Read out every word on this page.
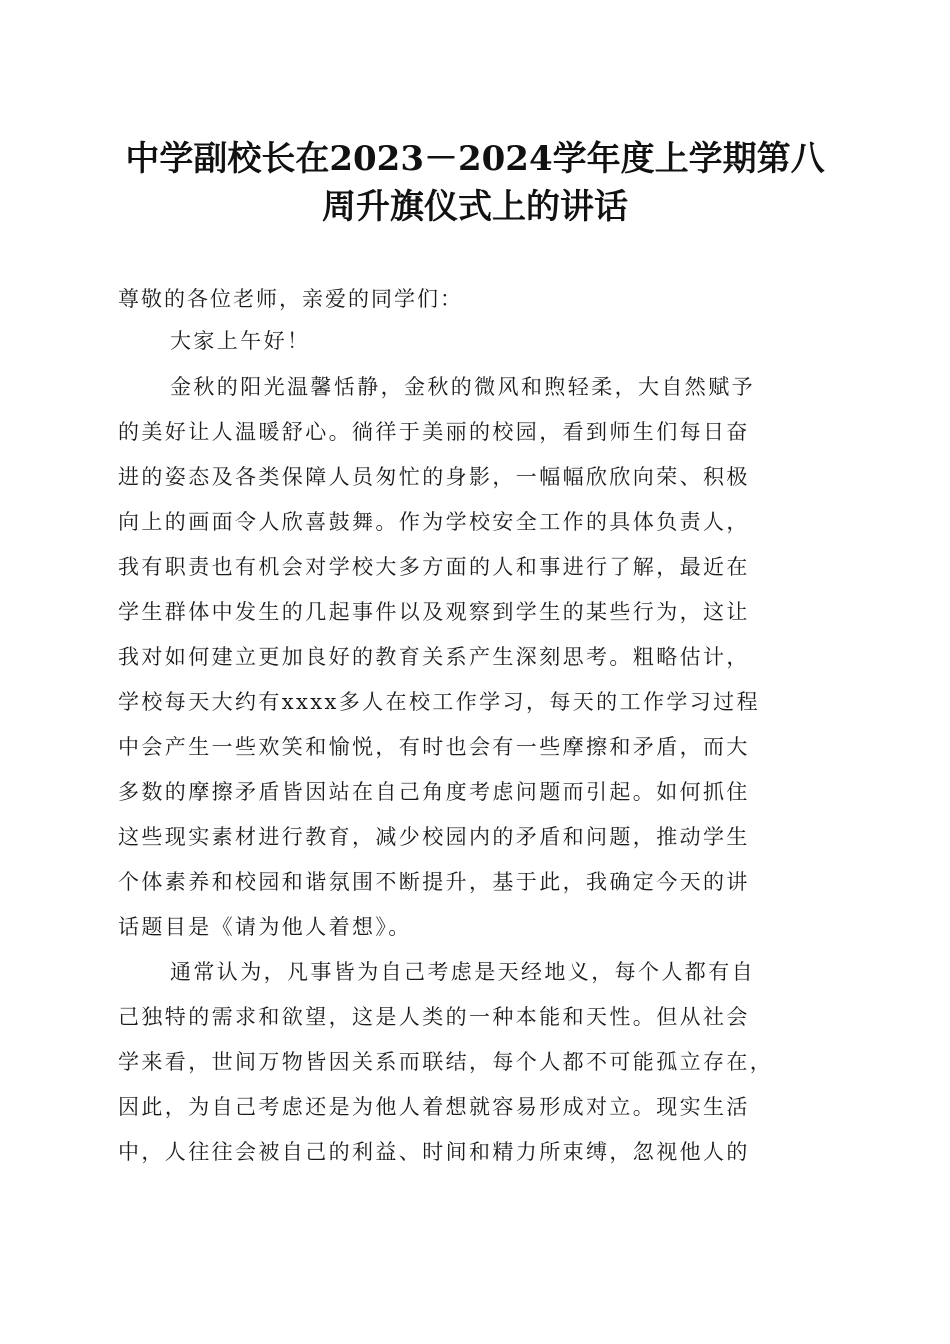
中学副校长在2023－2024学年度上学期第八
周升旗仪式上的讲话
尊敬的各位老师，亲爱的同学们：
大家上午好！
金秋的阳光温馨恬静，金秋的微风和煦轻柔，大自然赋予
的美好让人温暖舒心。徜徉于美丽的校园，看到师生们每日奋
进的姿态及各类保障人员匆忙的身影，一幅幅欣欣向荣、积极
向上的画面令人欣喜鼓舞。作为学校安全工作的具体负责人，
我有职责也有机会对学校大多方面的人和事进行了解，最近在
学生群体中发生的几起事件以及观察到学生的某些行为，这让
我对如何建立更加良好的教育关系产生深刻思考。粗略估计，
学校每天大约有xxxx多人在校工作学习，每天的工作学习过程
中会产生一些欢笑和愉悦，有时也会有一些摩擦和矛盾，而大
多数的摩擦矛盾皆因站在自己角度考虑问题而引起。如何抓住
这些现实素材进行教育，减少校园内的矛盾和问题，推动学生
个体素养和校园和谐氛围不断提升，基于此，我确定今天的讲
话题目是《请为他人着想》。
通常认为，凡事皆为自己考虑是天经地义，每个人都有自
己独特的需求和欲望，这是人类的一种本能和天性。但从社会
学来看，世间万物皆因关系而联结，每个人都不可能孤立存在，
因此，为自己考虑还是为他人着想就容易形成对立。现实生活
中，人往往会被自己的利益、时间和精力所束缚，忽视他人的
